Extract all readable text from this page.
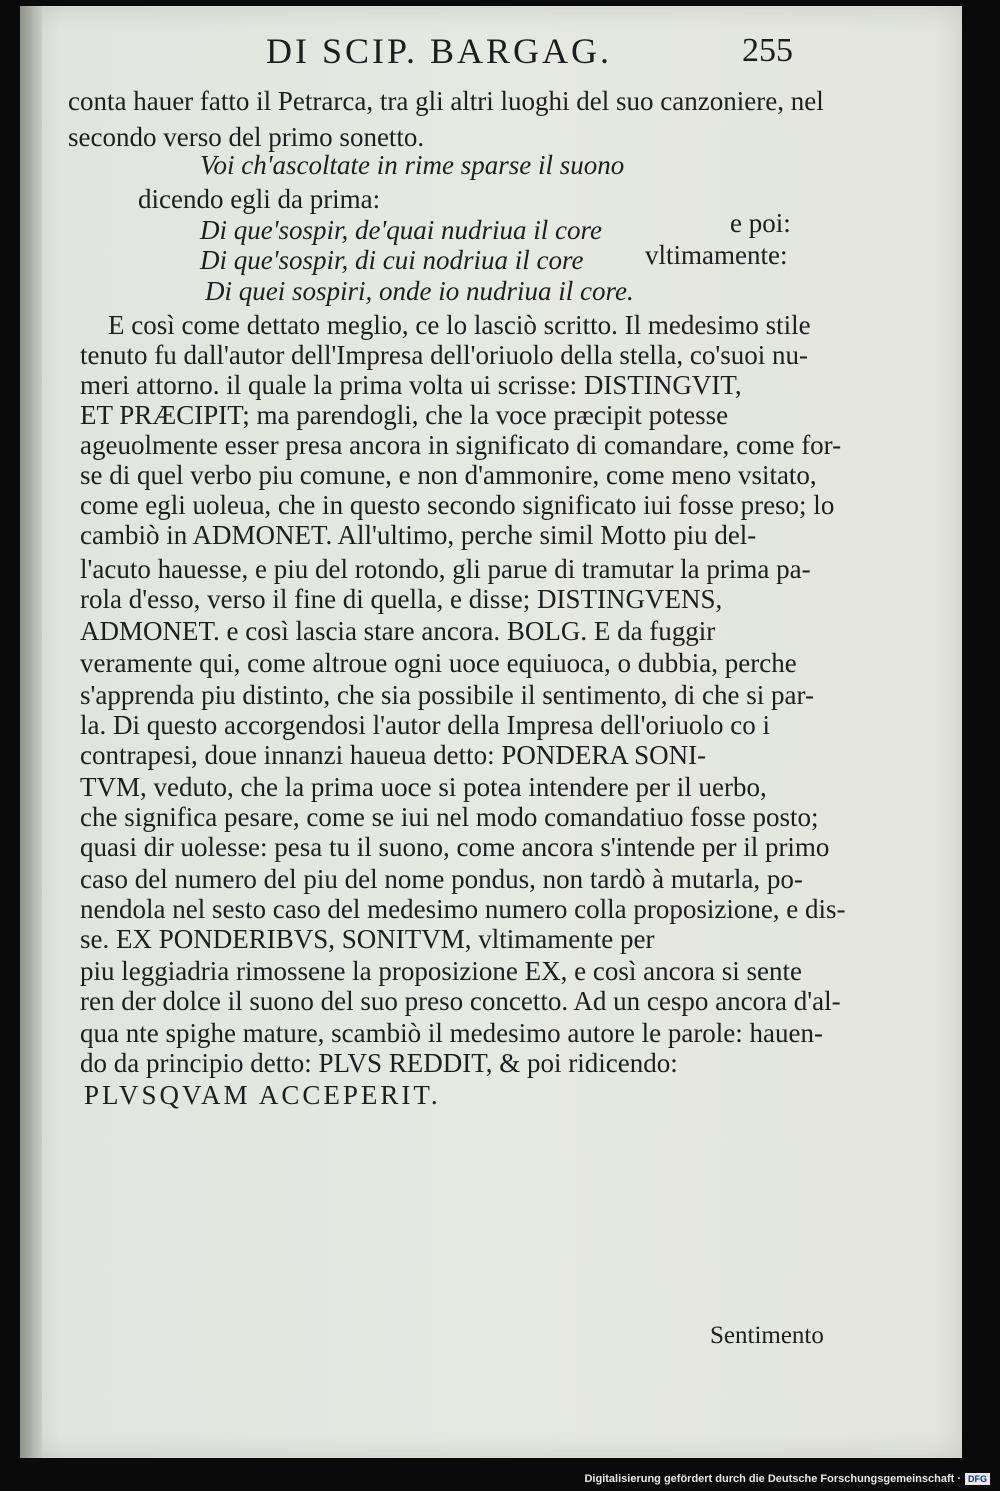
DI SCIP. BARGAG.	255
conta hauer fatto il Petrarca, tra gli altri luoghi del suo canzoniere, nel
secondo verso del primo sonetto.
Voi ch'ascoltate in rime sparse il suono
dicendo egli da prima:
Di que'sospir, de'quai nudriua il core	e poi:
Di que'sospir, di cui nodriua il core vltimamente:
Di quei sospiri, onde io nudriua il core.
E così come dettato meglio, ce lo lasciò scritto. Il medesimo stile
tenuto fu dall'autor dell'Impresa dell'oriuolo della stella, co'suoi nu-
meri attorno. il quale la prima volta ui scrisse: DISTINGVIT,
ET PRÆCIPIT; ma parendogli, che la voce præcipit potesse
ageuolmente esser presa ancora in significato di comandare, come for-
se di quel verbo piu comune, e non d'ammonire, come meno vsitato,
come egli uoleua, che in questo secondo significato iui fosse preso; lo
cambiò in ADMONET. All'ultimo, perche simil Motto piu del-
l'acuto hauesse, e piu del rotondo, gli parue di tramutar la prima pa-
rola d'esso, verso il fine di quella, e disse; DISTINGVENS,
ADMONET. e così lascia stare ancora. BOLG. E da fuggir
veramente qui, come altroue ogni uoce equiuoca, o dubbia, perche
s'apprenda piu distinto, che sia possibile il sentimento, di che si par-
la. Di questo accorgendosi l'autor della Impresa dell'oriuolo co i
contrapesi, doue innanzi haueua detto: PONDERA SONI-
TVM, veduto, che la prima uoce si potea intendere per il uerbo,
che significa pesare, come se iui nel modo comandatiuo fosse posto;
quasi dir uolesse: pesa tu il suono, come ancora s'intende per il primo
caso del numero del piu del nome pondus, non tardò à mutarla, po-
nendola nel sesto caso del medesimo numero colla proposizione, e dis-
se. EX PONDERIBVS, SONITVM, vltimamente per
piu leggiadria rimossene la proposizione EX, e così ancora si sente
ren der dolce il suono del suo preso concetto. Ad un cespo ancora d'al-
qua nte spighe mature, scambiò il medesimo autore le parole: hauen-
do da principio detto: PLVS REDDIT, & poi ridicendo:
PLVSQVAM ACCEPERIT.
Sentimento
Digitalisierung gefördert durch die Deutsche Forschungsgemeinschaft · DFG
